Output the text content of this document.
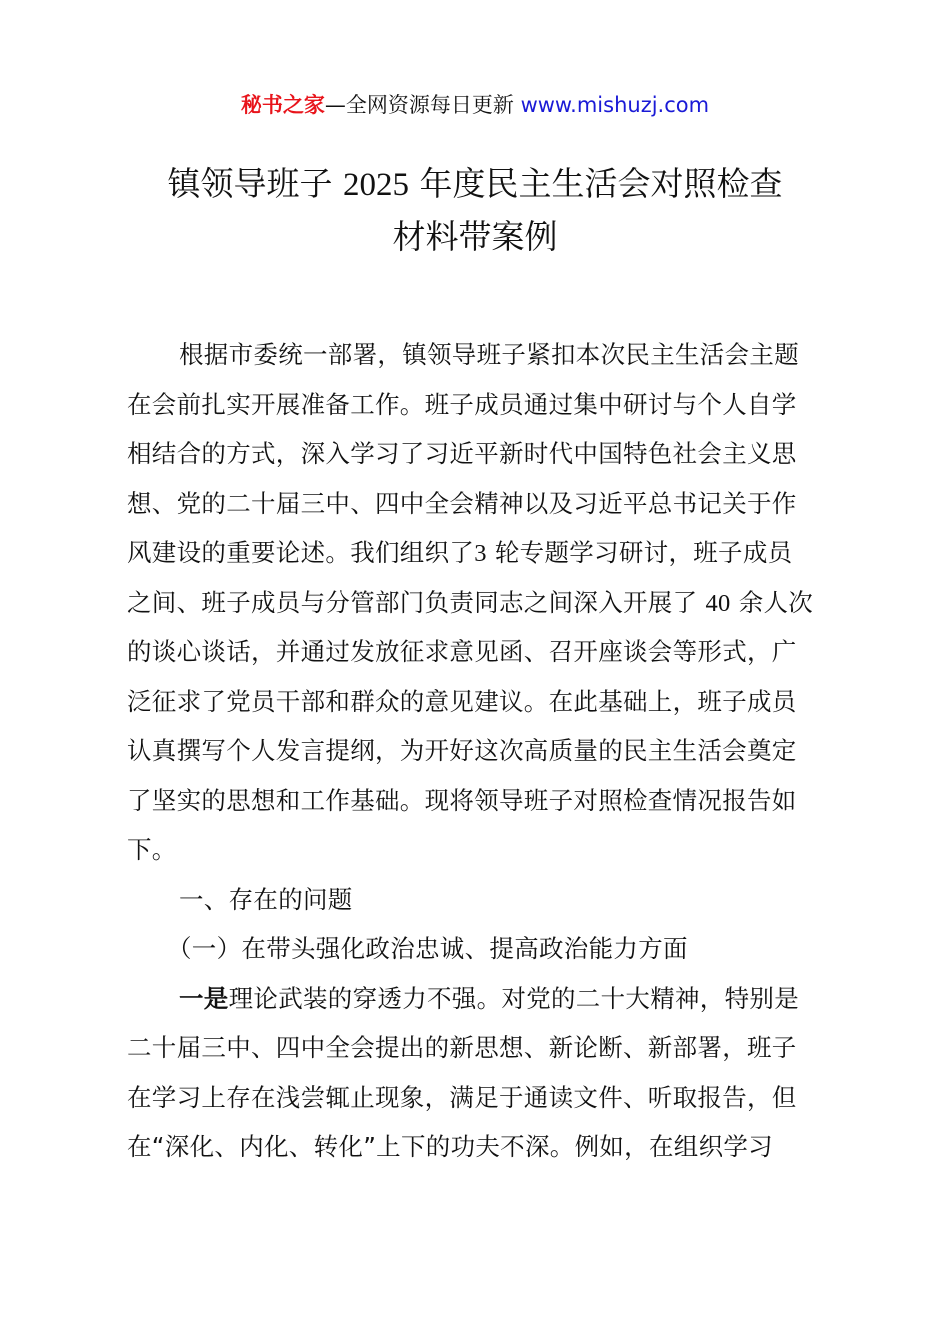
秘书之家—全网资源每日更新 www.mishuzj.com
镇领导班子 2025 年度民主生活会对照检查
材料带案例
根据市委统一部署，镇领导班子紧扣本次民主生活会主题
在会前扎实开展准备工作。班子成员通过集中研讨与个人自学
相结合的方式，深入学习了习近平新时代中国特色社会主义思
想、党的二十届三中、四中全会精神以及习近平总书记关于作
风建设的重要论述。我们组织了3 轮专题学习研讨，班子成员
之间、班子成员与分管部门负责同志之间深入开展了 40 余人次
的谈心谈话，并通过发放征求意见函、召开座谈会等形式，广
泛征求了党员干部和群众的意见建议。在此基础上，班子成员
认真撰写个人发言提纲，为开好这次高质量的民主生活会奠定
了坚实的思想和工作基础。现将领导班子对照检查情况报告如
下。
一、存在的问题
（一）在带头强化政治忠诚、提高政治能力方面
一是理论武装的穿透力不强。对党的二十大精神，特别是
二十届三中、四中全会提出的新思想、新论断、新部署，班子
在学习上存在浅尝辄止现象，满足于通读文件、听取报告，但
在“深化、内化、转化”上下的功夫不深。例如，在组织学习
